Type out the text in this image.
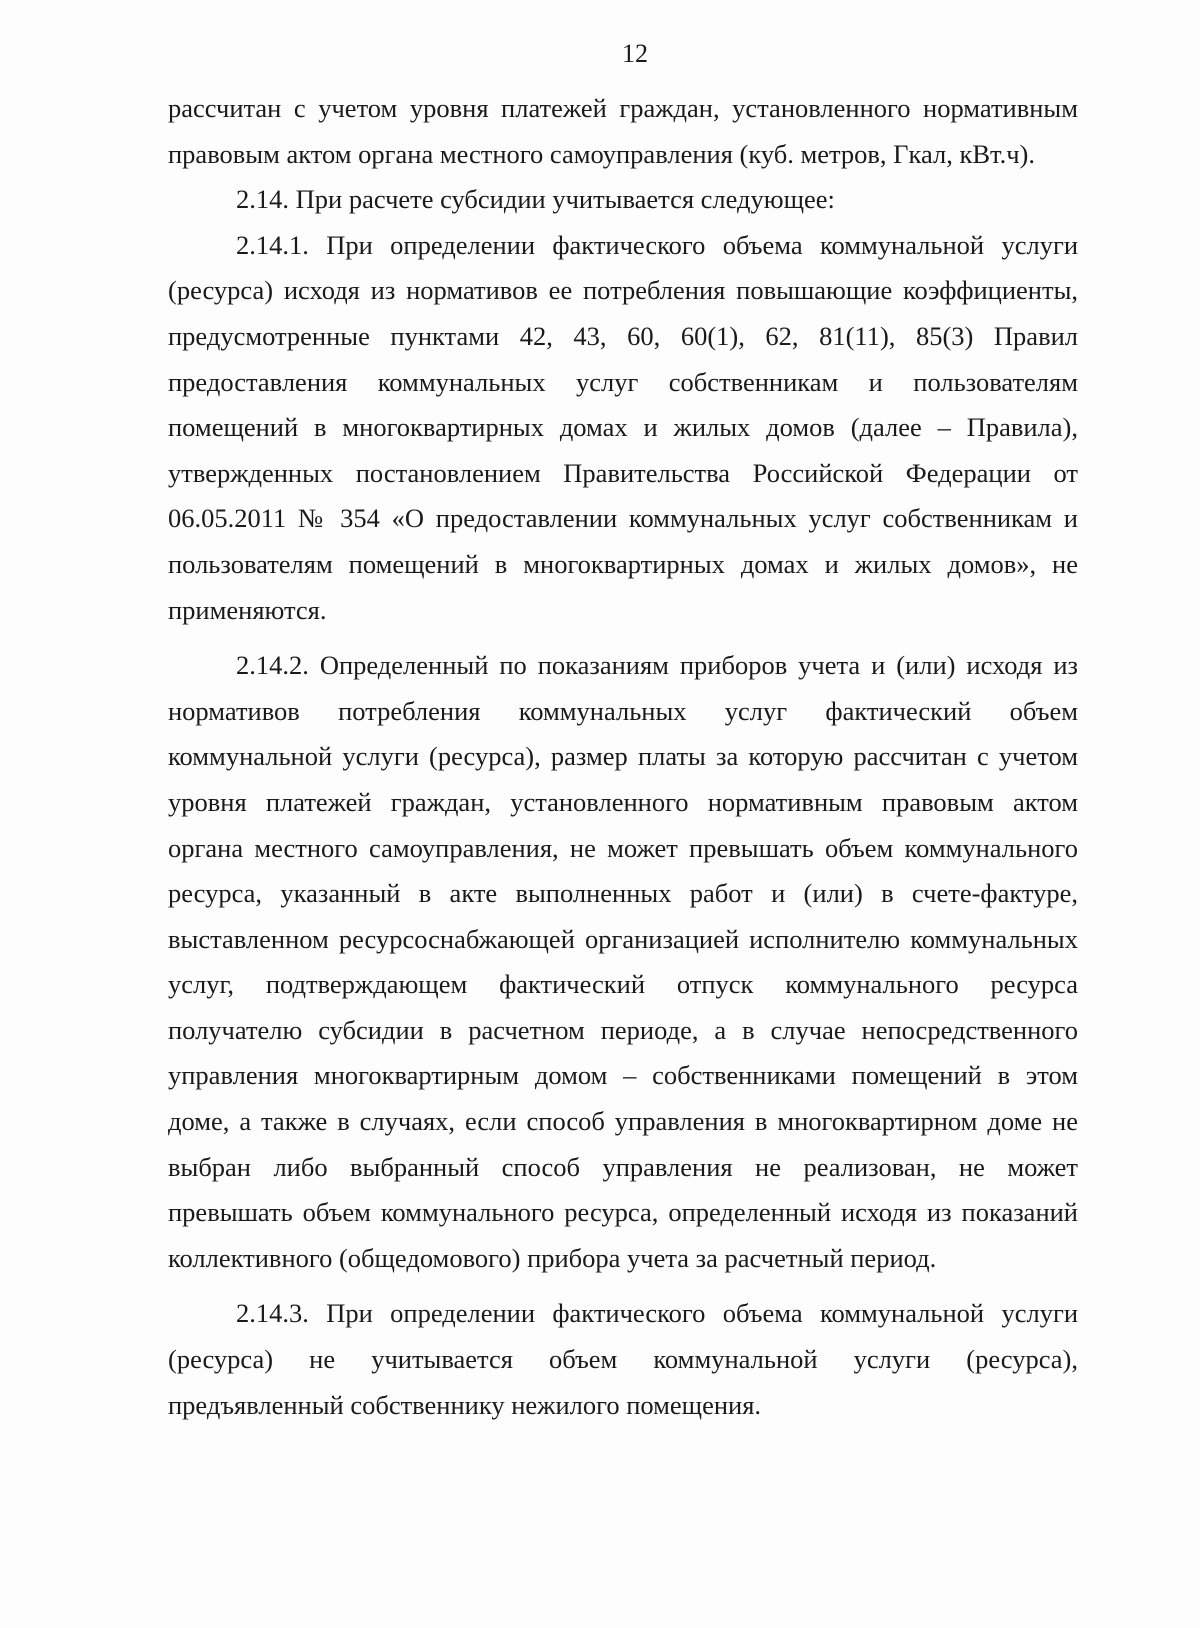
12

рассчитан с учетом уровня платежей граждан, установленного нормативным правовым актом органа местного самоуправления (куб. метров, Гкал, кВт.ч).

2.14. При расчете субсидии учитывается следующее:

2.14.1. При определении фактического объема коммунальной услуги (ресурса) исходя из нормативов ее потребления повышающие коэффициенты, предусмотренные пунктами 42, 43, 60, 60(1), 62, 81(11), 85(3) Правил предоставления коммунальных услуг собственникам и пользователям помещений в многоквартирных домах и жилых домов (далее – Правила), утвержденных постановлением Правительства Российской Федерации от 06.05.2011 № 354 «О предоставлении коммунальных услуг собственникам и пользователям помещений в многоквартирных домах и жилых домов», не применяются.

2.14.2. Определенный по показаниям приборов учета и (или) исходя из нормативов потребления коммунальных услуг фактический объем коммунальной услуги (ресурса), размер платы за которую рассчитан с учетом уровня платежей граждан, установленного нормативным правовым актом органа местного самоуправления, не может превышать объем коммунального ресурса, указанный в акте выполненных работ и (или) в счете-фактуре, выставленном ресурсоснабжающей организацией исполнителю коммунальных услуг, подтверждающем фактический отпуск коммунального ресурса получателю субсидии в расчетном периоде, а в случае непосредственного управления многоквартирным домом – собственниками помещений в этом доме, а также в случаях, если способ управления в многоквартирном доме не выбран либо выбранный способ управления не реализован, не может превышать объем коммунального ресурса, определенный исходя из показаний коллективного (общедомового) прибора учета за расчетный период.

2.14.3. При определении фактического объема коммунальной услуги (ресурса) не учитывается объем коммунальной услуги (ресурса), предъявленный собственнику нежилого помещения.
